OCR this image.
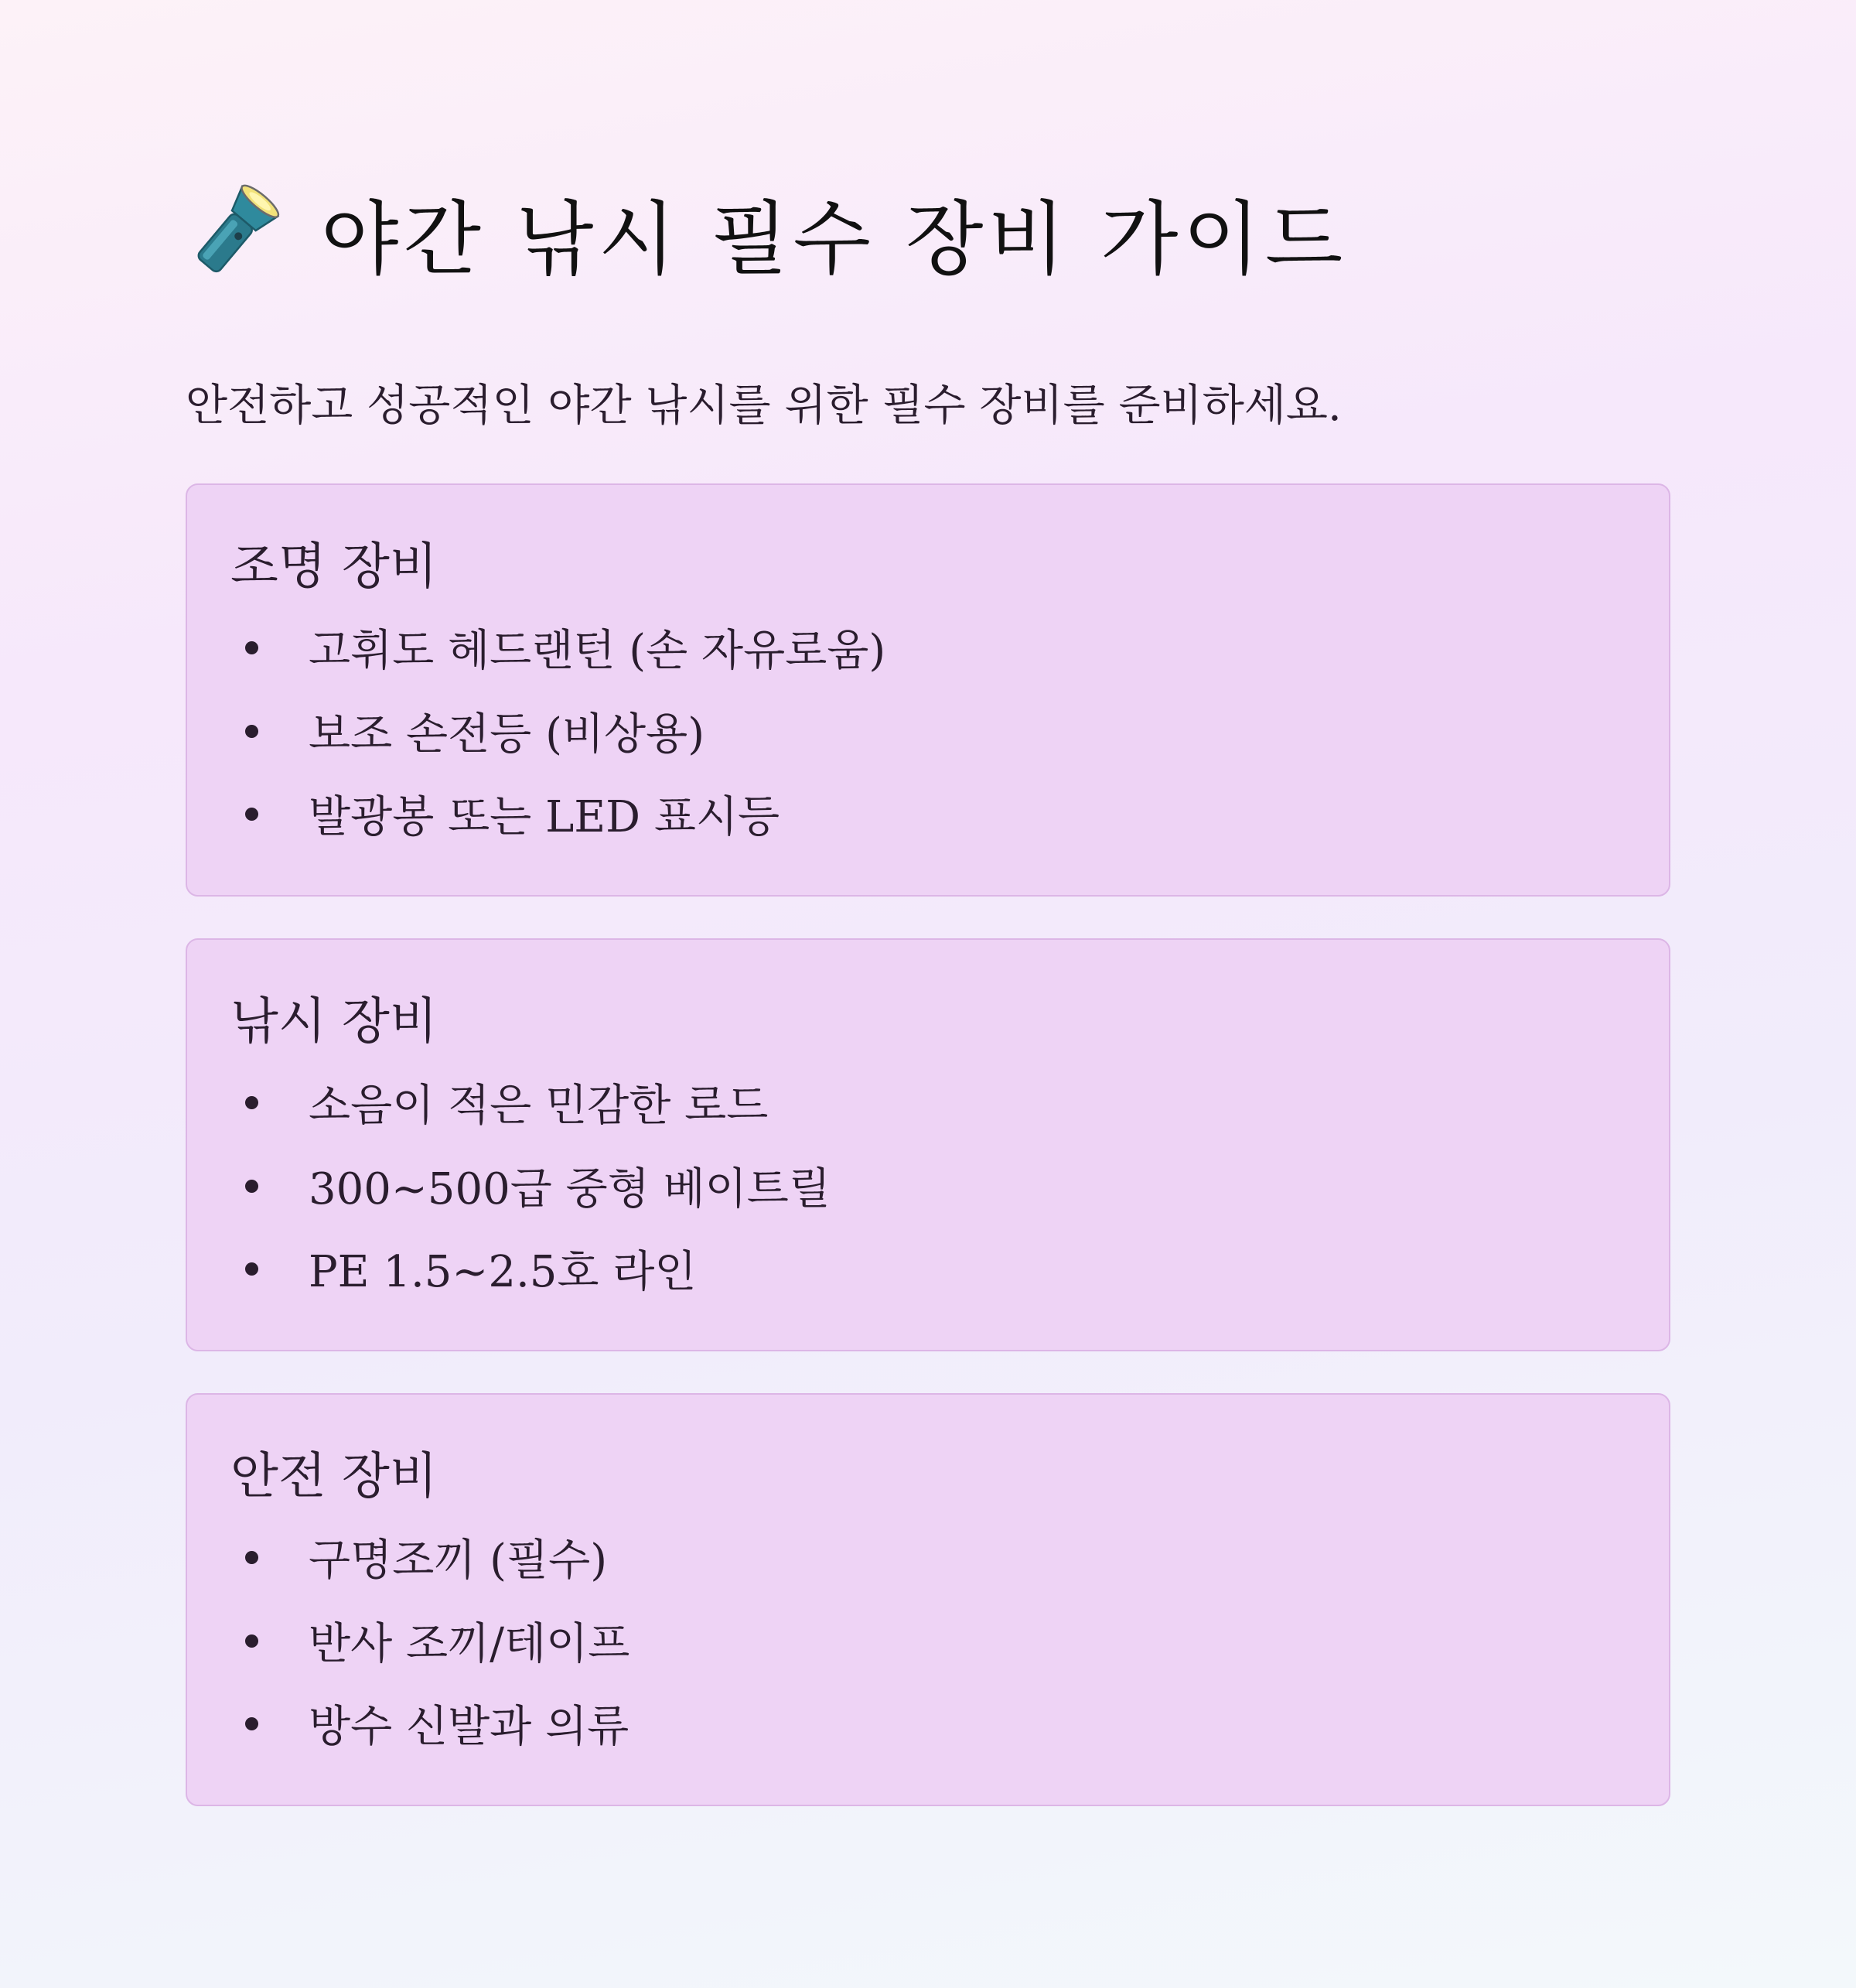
야간 낚시 필수 장비 가이드

안전하고 성공적인 야간 낚시를 위한 필수 장비를 준비하세요.

조명 장비
고휘도 헤드랜턴 (손 자유로움)
보조 손전등 (비상용)
발광봉 또는 LED 표시등
낚시 장비
소음이 적은 민감한 로드
300~500급 중형 베이트릴
PE 1.5~2.5호 라인
안전 장비
구명조끼 (필수)
반사 조끼/테이프
방수 신발과 의류
